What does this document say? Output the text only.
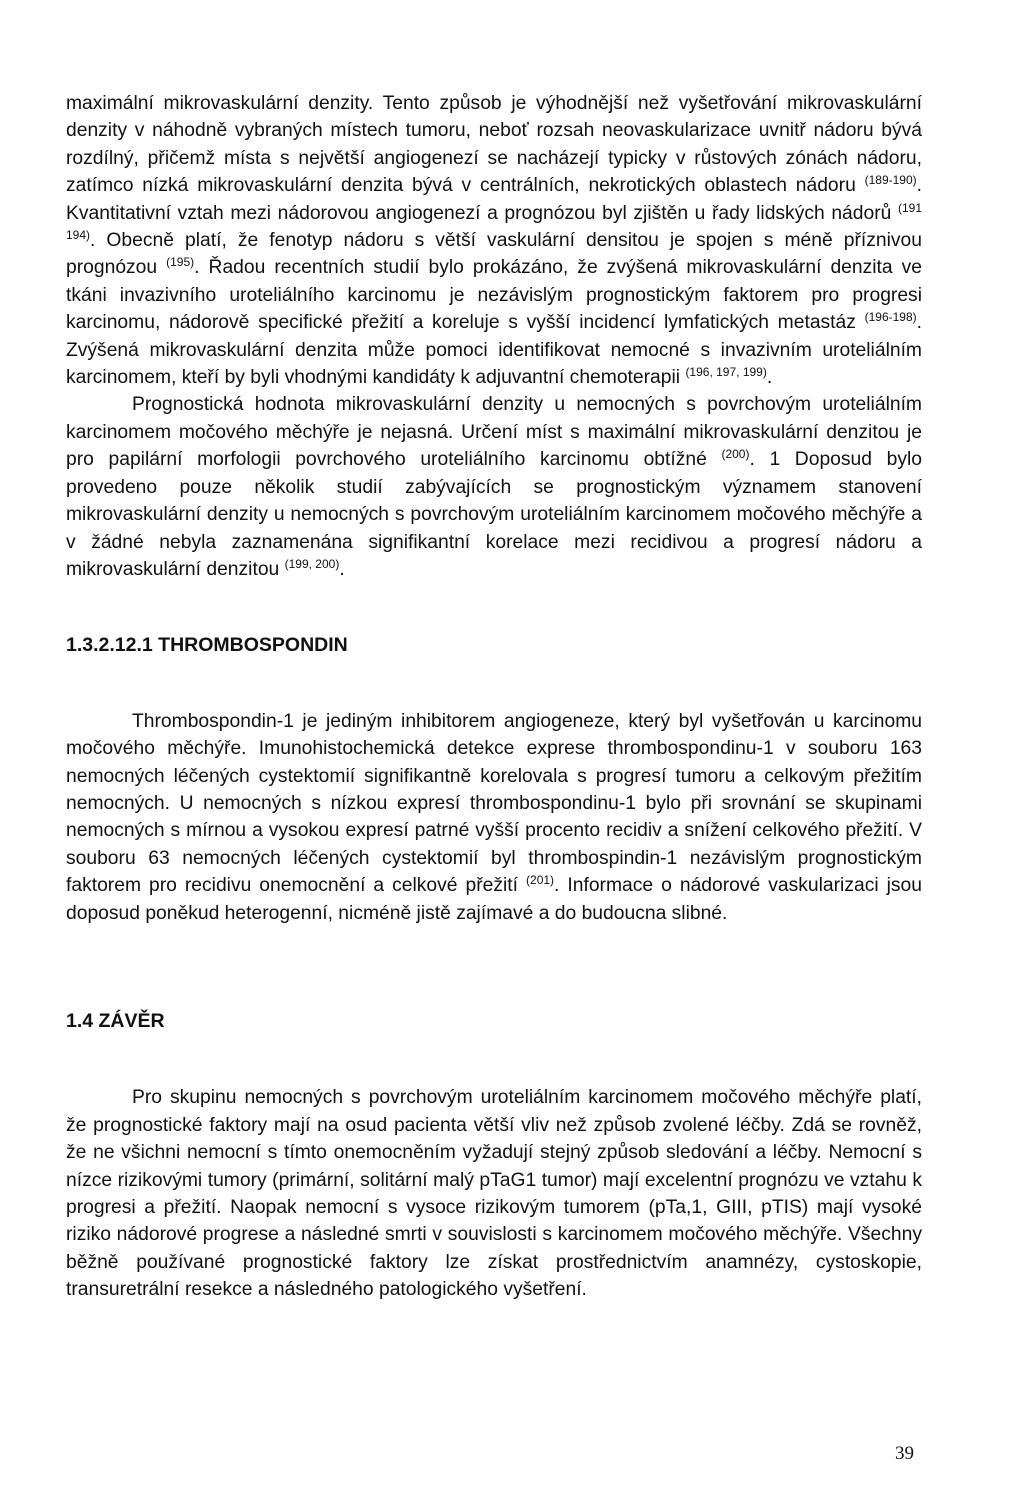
maximální mikrovaskulární denzity. Tento způsob je výhodnější než vyšetřování mikrovaskulární denzity v náhodně vybraných místech tumoru, neboť rozsah neovaskularizace uvnitř nádoru bývá rozdílný, přičemž místa s největší angiogenezí se nacházejí typicky v růstových zónách nádoru, zatímco nízká mikrovaskulární denzita bývá v centrálních, nekrotických oblastech nádoru $^{(189-190)}$. Kvantitativní vztah mezi nádorovou angiogenezí a prognózou byl zjištěn u řady lidských nádorů $^{(191 194)}$. Obecně platí, že fenotyp nádoru s větší vaskulární densitou je spojen s méně příznivou prognózou $^{(195)}$. Řadou recentních studií bylo prokázáno, že zvýšená mikrovaskulární denzita ve tkáni invazivního uroteliálního karcinomu je nezávislým prognostickým faktorem pro progresi karcinomu, nádorově specifické přežití a koreluje s vyšší incidencí lymfatických metastáz $^{(196-198)}$. Zvýšená mikrovaskulární denzita může pomoci identifikovat nemocné s invazivním uroteliálním karcinomem, kteří by byli vhodnými kandidáty k adjuvantní chemoterapii $^{(196, 197, 199)}$.

Prognostická hodnota mikrovaskulární denzity u nemocných s povrchovým uroteliálním karcinomem močového měchýře je nejasná. Určení míst s maximální mikrovaskulární denzitou je pro papilární morfologii povrchového uroteliálního karcinomu obtížné $^{(200)}$. 1 Doposud bylo provedeno pouze několik studií zabývajících se prognostickým významem stanovení mikrovaskulární denzity u nemocných s povrchovým uroteliálním karcinomem močového měchýře a v žádné nebyla zaznamenána signifikantní korelace mezi recidivou a progresí nádoru a mikrovaskulární denzitou $^{(199, 200)}$.

1.3.2.12.1 THROMBOSPONDIN

Thrombospondin-1 je jediným inhibitorem angiogeneze, který byl vyšetřován u karcinomu močového měchýře. Imunohistochemická detekce exprese thrombospondinu-1 v souboru 163 nemocných léčených cystektomií signifikantně korelovala s progresí tumoru a celkovým přežitím nemocných. U nemocných s nízkou expresí thrombospondinu-1 bylo při srovnání se skupinami nemocných s mírnou a vysokou expresí patrné vyšší procento recidiv a snížení celkového přežití. V souboru 63 nemocných léčených cystektomií byl thrombospindin-1 nezávislým prognostickým faktorem pro recidivu onemocnění a celkové přežití $^{(201)}$. Informace o nádorové vaskularizaci jsou doposud poněkud heterogenní, nicméně jistě zajímavé a do budoucna slibné.

1.4 ZÁVĚR

Pro skupinu nemocných s povrchovým uroteliálním karcinomem močového měchýře platí, že prognostické faktory mají na osud pacienta větší vliv než způsob zvolené léčby. Zdá se rovněž, že ne všichni nemocní s tímto onemocněním vyžadují stejný způsob sledování a léčby. Nemocní s nízce rizikovými tumory (primární, solitární malý pTaG1 tumor) mají excelentní prognózu ve vztahu k progresi a přežití. Naopak nemocní s vysoce rizikovým tumorem (pTa,1, GIII, pTIS) mají vysoké riziko nádorové progrese a následné smrti v souvislosti s karcinomem močového měchýře. Všechny běžně používané prognostické faktory lze získat prostřednictvím anamnézy, cystoskopie, transuretrální resekce a následného patologického vyšetření.

39
